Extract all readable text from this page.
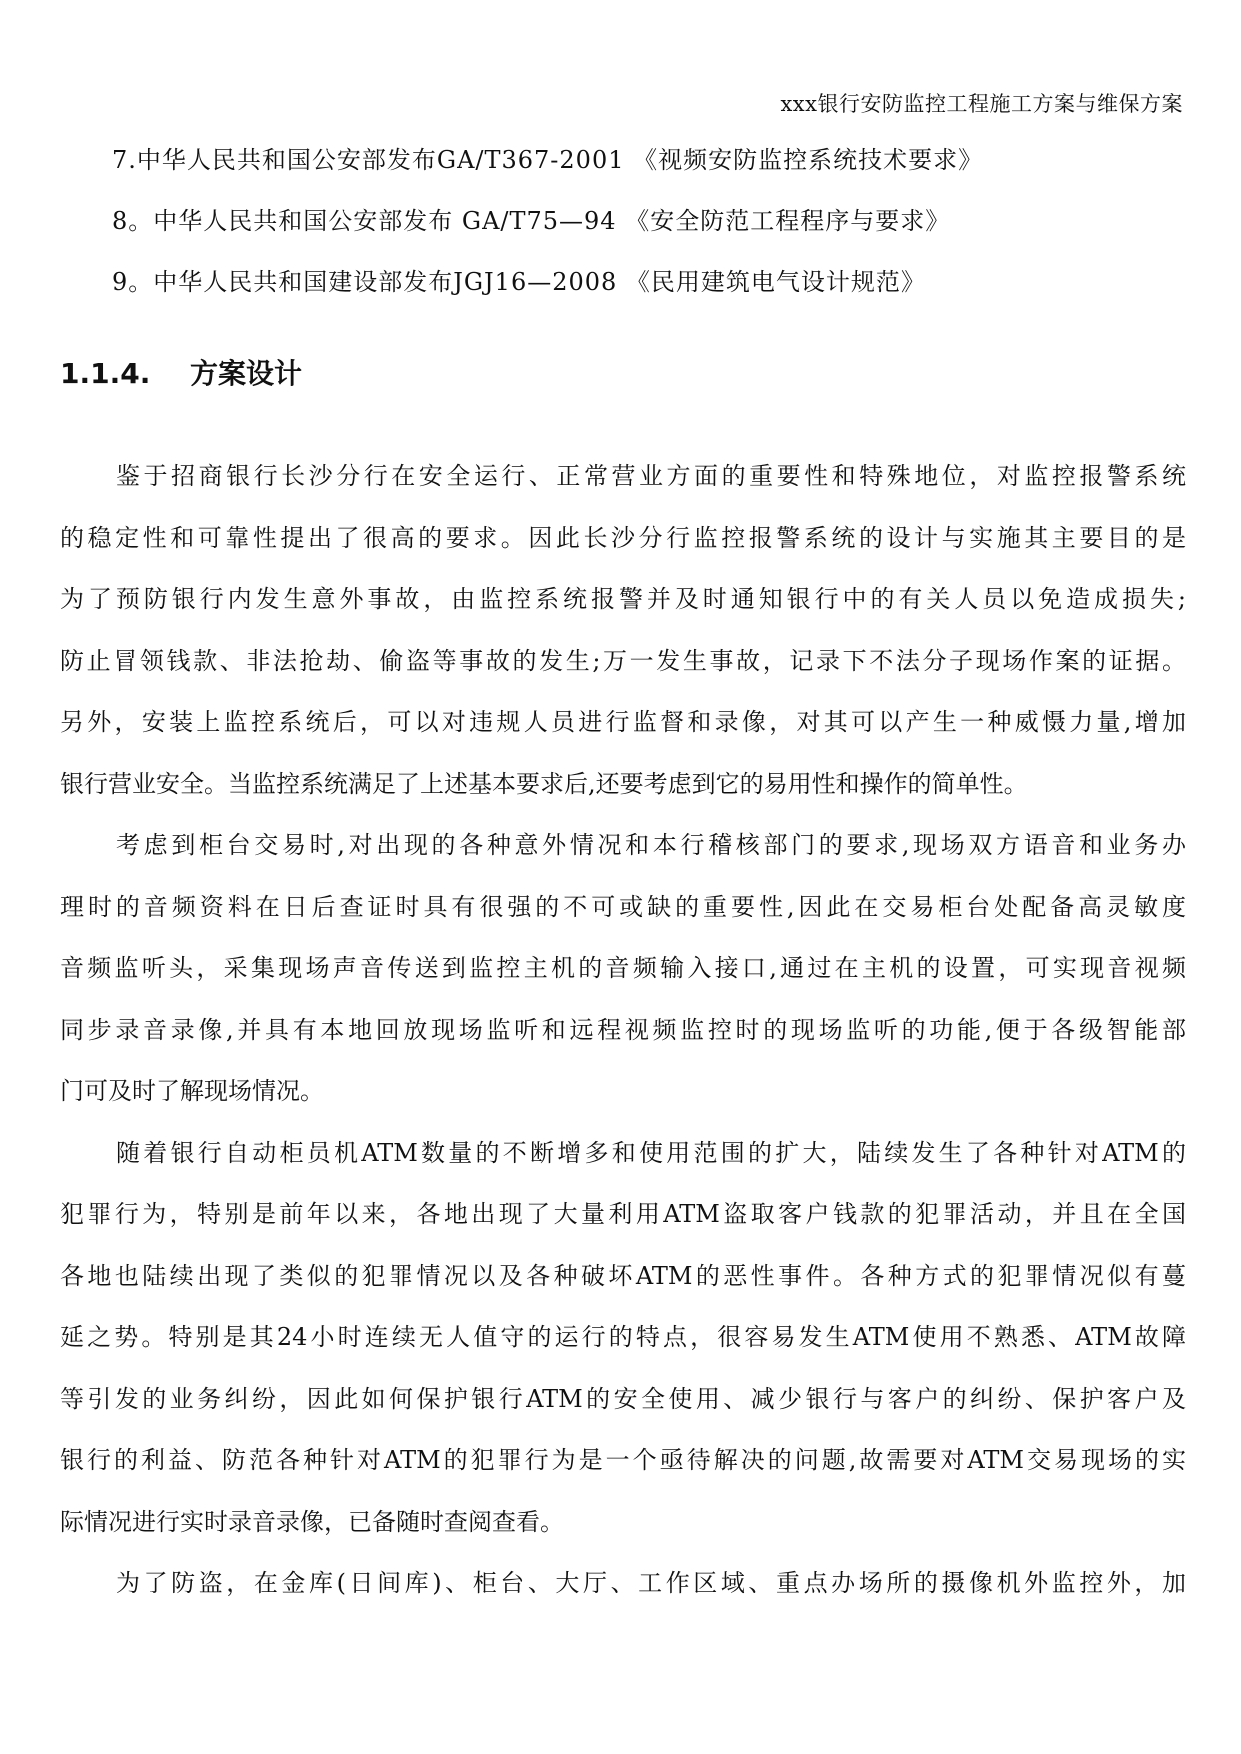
xxx银行安防监控工程施工方案与维保方案
7.中华人民共和国公安部发布GA/T367-2001 《视频安防监控系统技术要求》
8。中华人民共和国公安部发布 GA/T75—94 《安全防范工程程序与要求》
9。中华人民共和国建设部发布JGJ16—2008 《民用建筑电气设计规范》
1.1.4. 方案设计
鉴于招商银行长沙分行在安全运行、正常营业方面的重要性和特殊地位，对监控报警系统
的稳定性和可靠性提出了很高的要求。因此长沙分行监控报警系统的设计与实施其主要目的是
为了预防银行内发生意外事故，由监控系统报警并及时通知银行中的有关人员以免造成损失;
防止冒领钱款、非法抢劫、偷盗等事故的发生;万一发生事故，记录下不法分子现场作案的证据。
另外，安装上监控系统后，可以对违规人员进行监督和录像，对其可以产生一种威慑力量,增加
银行营业安全。当监控系统满足了上述基本要求后,还要考虑到它的易用性和操作的简单性。
考虑到柜台交易时,对出现的各种意外情况和本行稽核部门的要求,现场双方语音和业务办
理时的音频资料在日后查证时具有很强的不可或缺的重要性,因此在交易柜台处配备高灵敏度
音频监听头，采集现场声音传送到监控主机的音频输入接口,通过在主机的设置，可实现音视频
同步录音录像,并具有本地回放现场监听和远程视频监控时的现场监听的功能,便于各级智能部
门可及时了解现场情况。
随着银行自动柜员机ATM数量的不断增多和使用范围的扩大，陆续发生了各种针对ATM的
犯罪行为，特别是前年以来，各地出现了大量利用ATM盗取客户钱款的犯罪活动，并且在全国
各地也陆续出现了类似的犯罪情况以及各种破坏ATM的恶性事件。各种方式的犯罪情况似有蔓
延之势。特别是其24小时连续无人值守的运行的特点，很容易发生ATM使用不熟悉、ATM故障
等引发的业务纠纷，因此如何保护银行ATM的安全使用、减少银行与客户的纠纷、保护客户及
银行的利益、防范各种针对ATM的犯罪行为是一个亟待解决的问题,故需要对ATM交易现场的实
际情况进行实时录音录像，已备随时查阅查看。
为了防盗，在金库(日间库)、柜台、大厅、工作区域、重点办场所的摄像机外监控外，加
